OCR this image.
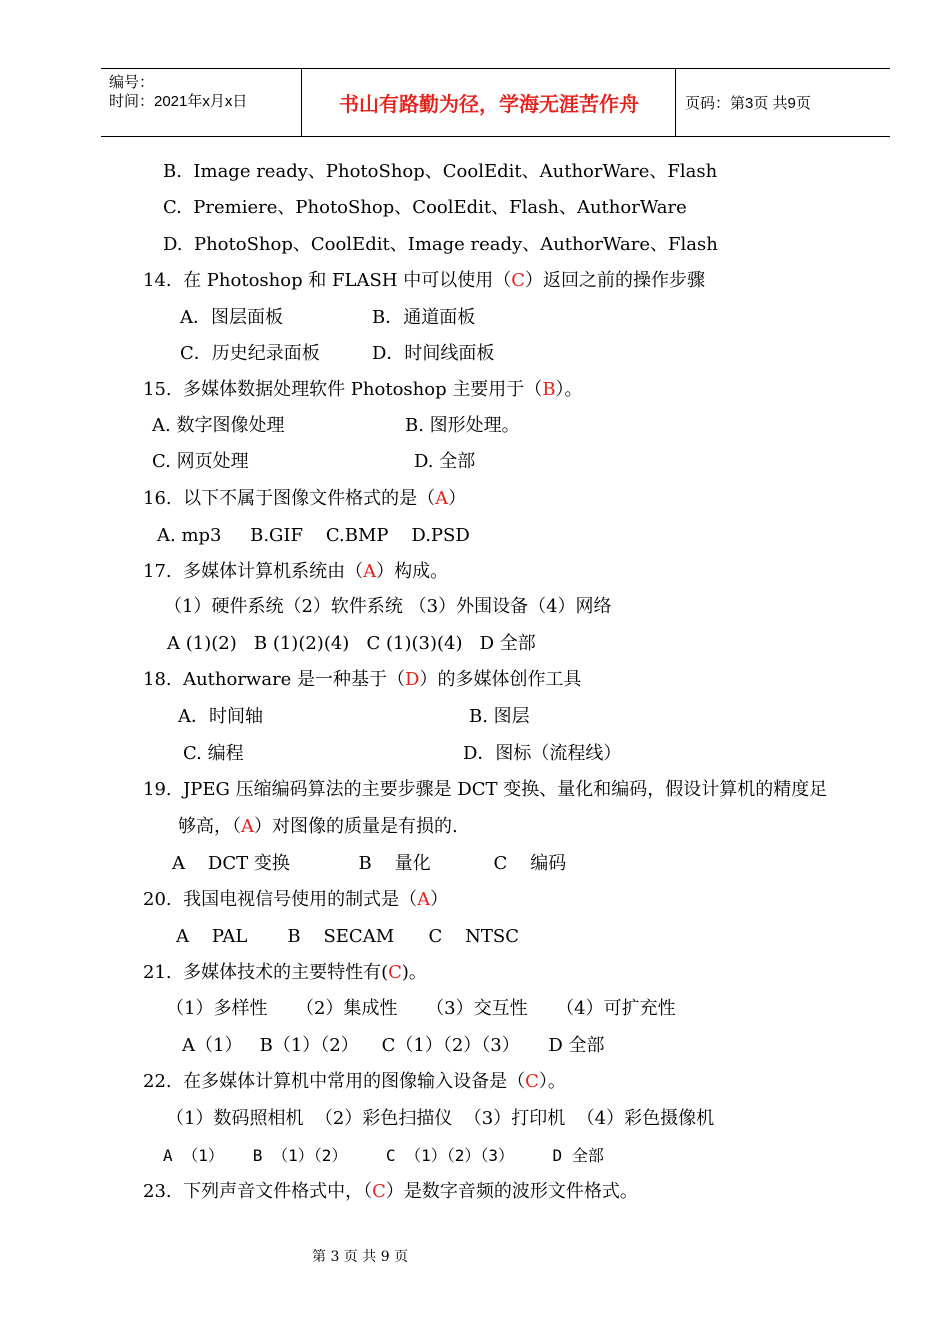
编号：
时间：2021年x月x日	书山有路勤为径，学海无涯苦作舟	页码：第3页 共9页
B.  Image ready、PhotoShop、CoolEdit、AuthorWare、Flash
C.  Premiere、PhotoShop、CoolEdit、Flash、AuthorWare
D.  PhotoShop、CoolEdit、Image ready、AuthorWare、Flash
14.  在 Photoshop 和 FLASH 中可以使用（C）返回之前的操作步骤
A．图层面板	B．通道面板
C．历史纪录面板	D．时间线面板
15.  多媒体数据处理软件 Photoshop 主要用于（B）。
A. 数字图像处理	B. 图形处理。
C. 网页处理	D. 全部
16.  以下不属于图像文件格式的是（A）
A. mp3     B.GIF    C.BMP    D.PSD
17.  多媒体计算机系统由（A）构成。
（1）硬件系统（2）软件系统 （3）外围设备（4）网络
A (1)(2)   B (1)(2)(4)   C (1)(3)(4)   D 全部
18.  Authorware 是一种基于（D）的多媒体创作工具
A．时间轴	B. 图层
C. 编程	D．图标（流程线）
19.  JPEG 压缩编码算法的主要步骤是 DCT 变换、量化和编码，假设计算机的精度足
够高，（A）对图像的质量是有损的.
A    DCT 变换            B    量化           C    编码
20.  我国电视信号使用的制式是（A）
A    PAL       B    SECAM      C    NTSC
21.  多媒体技术的主要特性有(C)。
（1）多样性     （2）集成性     （3）交互性     （4）可扩充性
A（1）   B（1）（2）    C（1）（2）（3）     D 全部
22.  在多媒体计算机中常用的图像输入设备是（C）。
（1）数码照相机  （2）彩色扫描仪  （3）打印机  （4）彩色摄像机
A （1）   B （1）（2）    C （1）（2）（3）    D 全部
23.  下列声音文件格式中，（C）是数字音频的波形文件格式。
第 3 页 共 9 页
